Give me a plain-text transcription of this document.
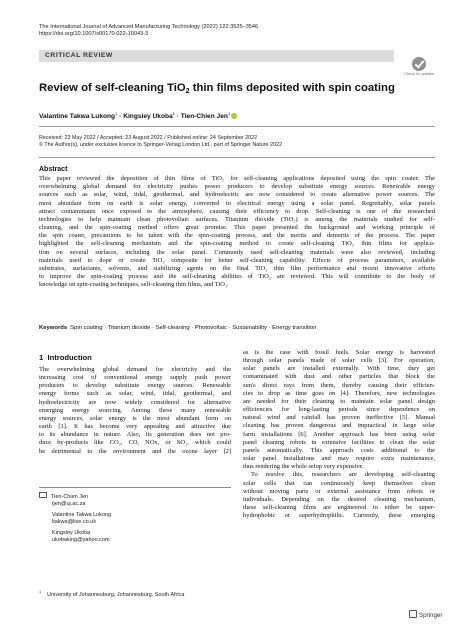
The International Journal of Advanced Manufacturing Technology (2022) 122:3525–3546
https://doi.org/10.1007/s00170-022-10043-3
CRITICAL REVIEW
Check for updates
Review of self-cleaning TiO$_2$ thin films deposited with spin coating
Valantine Takwa Lukong$^1$ · Kingsley Ukoba$^1$ · Tien-Chien Jen$^1$
Received: 23 May 2022 / Accepted: 23 August 2022 / Published online: 24 September 2022
© The Author(s), under exclusive licence to Springer-Verlag London Ltd., part of Springer Nature 2022
Abstract
This paper reviewed the deposition of thin films of TiO₂ for self-cleaning applications deposited using the spin coater. The
overwhelming global demand for electricity pushes power producers to develop substitute energy sources. Renewable energy
sources such as solar, wind, tidal, geothermal, and hydroelectric are now considered to create alternative power sources. The
most abundant form on earth is solar energy, converted to electrical energy using a solar panel. Regrettably, solar panels
attract contaminants once exposed to the atmosphere, causing their efficiency to drop. Self-cleaning is one of the researched
technologies to help maintain clean photovoltaic surfaces. Titanium dioxide (TiO₂) is among the materials studied for self-
cleaning, and the spin-coating method offers great promise. This paper presented the background and working principle of
the spin coater, precautions to be taken with the spin-coating process, and the merits and demerits of the process. The paper
highlighted the self-cleaning mechanism and the spin-coating method to create self-cleaning TiO₂ thin films for applica-
tion on several surfaces, including the solar panel. Commonly used self-cleaning materials were also reviewed, including
materials used to dope or create TiO₂ composite for better self-cleaning capability. Effects of process parameters, available
substrates, surfactants, solvents, and stabilizing agents on the final TiO₂ thin film performance and recent innovative efforts
to improve the spin-coating process and the self-cleaning abilities of TiO₂ are reviewed. This will contribute to the body of
knowledge on spin-coating techniques, self-cleaning thin films, and TiO₂.
Keywords Spin coating · Titanium dioxide · Self-cleaning · Photovoltaic · Sustainability · Energy transition
1 Introduction
The overwhelming global demand for electricity and the
increasing cost of conventional energy supply push power
producers to develop substitute energy sources. Renewable
energy forms such as solar, wind, tidal, geothermal, and
hydroelectricity are now widely considered for alternative
emerging energy sourcing. Among these many renewable
energy sources, solar energy is the most abundant form on
earth [1]. It has become very appealing and attractive due
to its abundance in nature. Also, its generation does not pro-
duce by-products like CO₂, CO, NOx, or SO₂, which could
be detrimental to the environment and the ozone layer [2]
as is the case with fossil fuels. Solar energy is harvested
through solar panels made of solar cells [3]. For operation,
solar panels are installed externally. With time, they get
contaminated with dust and other particles that block the
sun's direct rays from them, thereby causing their efficien-
cies to drop as time goes on [4]. Therefore, new technologies
are needed for their cleaning to maintain solar panel design
efficiencies for long-lasting periods since dependence on
natural wind and rainfall has proven ineffective [5]. Manual
cleaning has proven dangerous and impractical in large solar
farm installations [6]. Another approach has been using solar
panel cleaning robots in extensive facilities to clean the solar
panels automatically. This approach costs additional to the
solar panel installations and may require extra maintenance,
thus rendering the whole setup very expensive.
To resolve this, researchers are developing self-cleaning
solar cells that can continuously keep themselves clean
without moving parts or external assistance from robots or
individuals. Depending on the desired cleaning mechanism,
these self-cleaning films are engineered to either be super-
hydrophobic or superhydrophilic. Currently, these emerging
Tien-Chien Jen
tjen@uj.ac.za
Valantine Takwa Lukong
ltakwa@live.co.uk
Kingsley Ukoba
ukobaking@yahoo.com
$^1$ University of Johannesburg, Johannesburg, South Africa
Springer
